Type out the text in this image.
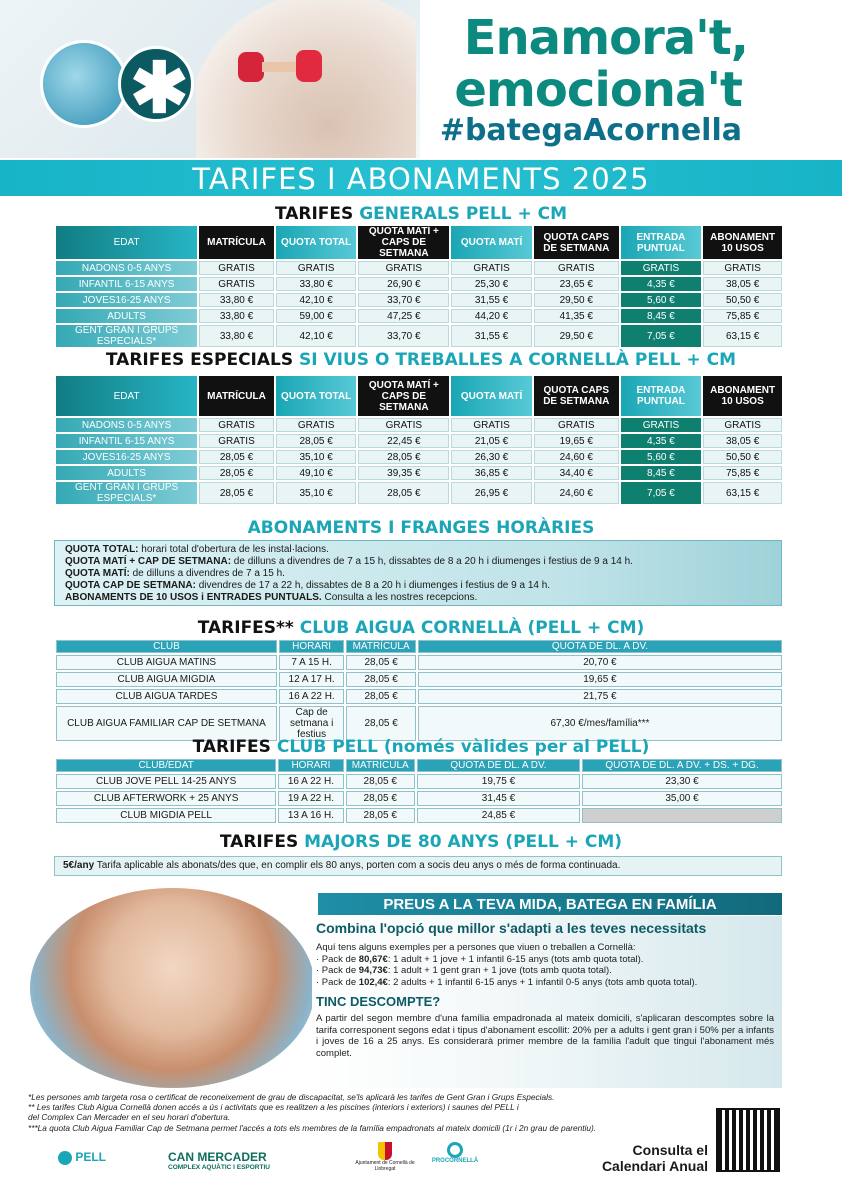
✱
Enamora't,
emociona't
#bategaAcornella
TARIFES I ABONAMENTS 2025
TARIFES GENERALS PELL + CM
EDAT	MATRÍCULA	QUOTA TOTAL	QUOTA MATÍ + CAPS DE SETMANA	QUOTA MATÍ	QUOTA CAPS DE SETMANA	ENTRADA PUNTUAL	ABONAMENT 10 USOS
NADONS 0-5 ANYS	GRATIS	GRATIS	GRATIS	GRATIS	GRATIS	GRATIS	GRATIS
INFANTIL 6-15 ANYS	GRATIS	33,80 €	26,90 €	25,30 €	23,65 €	4,35 €	38,05 €
JOVES16-25 ANYS	33,80 €	42,10 €	33,70 €	31,55 €	29,50 €	5,60 €	50,50 €
ADULTS	33,80 €	59,00 €	47,25 €	44,20 €	41,35 €	8,45 €	75,85 €
GENT GRAN I GRUPS ESPECIALS*	33,80 €	42,10 €	33,70 €	31,55 €	29,50 €	7,05 €	63,15 €
TARIFES ESPECIALS SI VIUS O TREBALLES A CORNELLÀ PELL + CM
EDAT	MATRÍCULA	QUOTA TOTAL	QUOTA MATÍ + CAPS DE SETMANA	QUOTA MATÍ	QUOTA CAPS DE SETMANA	ENTRADA PUNTUAL	ABONAMENT 10 USOS
NADONS 0-5 ANYS	GRATIS	GRATIS	GRATIS	GRATIS	GRATIS	GRATIS	GRATIS
INFANTIL 6-15 ANYS	GRATIS	28,05 €	22,45 €	21,05 €	19,65 €	4,35 €	38,05 €
JOVES16-25 ANYS	28,05 €	35,10 €	28,05 €	26,30 €	24,60 €	5,60 €	50,50 €
ADULTS	28,05 €	49,10 €	39,35 €	36,85 €	34,40 €	8,45 €	75,85 €
GENT GRAN I GRUPS ESPECIALS*	28,05 €	35,10 €	28,05 €	26,95 €	24,60 €	7,05 €	63,15 €
ABONAMENTS I FRANGES HORÀRIES
QUOTA TOTAL: horari total d'obertura de les instal·lacions.
QUOTA MATÍ + CAP DE SETMANA: de dilluns a divendres de 7 a 15 h, dissabtes de 8 a 20 h i diumenges i festius de 9 a 14 h.
QUOTA MATÍ: de dilluns a divendres de 7 a 15 h.
QUOTA CAP DE SETMANA: divendres de 17 a 22 h, dissabtes de 8 a 20 h i diumenges i festius de 9 a 14 h.
ABONAMENTS DE 10 USOS i ENTRADES PUNTUALS. Consulta a les nostres recepcions.
TARIFES** CLUB AIGUA CORNELLÀ (PELL + CM)
CLUB	HORARI	MATRÍCULA	QUOTA DE DL. A DV.
CLUB AIGUA MATINS	7 A 15 H.	28,05 €	20,70 €
CLUB AIGUA MIGDIA	12 A 17 H.	28,05 €	19,65 €
CLUB AIGUA TARDES	16 A 22 H.	28,05 €	21,75 €
CLUB AIGUA FAMILIAR CAP DE SETMANA	Cap de setmana i festius	28,05 €	67,30 €/mes/família***
TARIFES CLUB PELL (només vàlides per al PELL)
CLUB/EDAT	HORARI	MATRÍCULA	QUOTA DE DL. A DV.	QUOTA DE DL. A DV. + DS. + DG.
CLUB JOVE PELL 14-25 ANYS	16 A 22 H.	28,05 €	19,75 €	23,30 €
CLUB AFTERWORK + 25 ANYS	19 A 22 H.	28,05 €	31,45 €	35,00 €
CLUB MIGDIA PELL	13 A 16 H.	28,05 €	24,85 €	
TARIFES MAJORS DE 80 ANYS (PELL + CM)
5€/any Tarifa aplicable als abonats/des que, en complir els 80 anys, porten com a socis deu anys o més de forma continuada.
PREUS A LA TEVA MIDA, BATEGA EN FAMÍLIA
Combina l'opció que millor s'adapti a les teves necessitats
Aquí tens alguns exemples per a persones que viuen o treballen a Cornellà:
· Pack de 80,67€: 1 adult + 1 jove + 1 infantil 6-15 anys (tots amb quota total).
· Pack de 94,73€: 1 adult + 1 gent gran + 1 jove (tots amb quota total).
· Pack de 102,4€: 2 adults + 1 infantil 6-15 anys + 1 infantil 0-5 anys (tots amb quota total).
TINC DESCOMPTE?
A partir del segon membre d'una família empadronada al mateix domicili, s'aplicaran descomptes sobre la tarifa corresponent segons edat i tipus d'abonament escollit: 20% per a adults i gent gran i 50% per a infants i joves de 16 a 25 anys. Es considerarà primer membre de la família l'adult que tingui l'abonament més complet.
*Les persones amb targeta rosa o certificat de reconeixement de grau de discapacitat, se'ls aplicarà les tarifes de Gent Gran i Grups Especials.
** Les tarifes Club Aigua Cornellà donen accés a ús i activitats que es realitzen a les piscines (interiors i exteriors) i saunes del PELL i
del Complex Can Mercader en el seu horari d'obertura.
***La quota Club Aigua Familiar Cap de Setmana permet l'accés a tots els membres de la família empadronats al mateix domicili (1r i 2n grau de parentiu).
Consulta el Calendari Anual
PELL	CAN MERCADER
COMPLEX AQUÀTIC I ESPORTIU
Ajuntament de Cornellà de Llobregat
PROCORNELLÀ
